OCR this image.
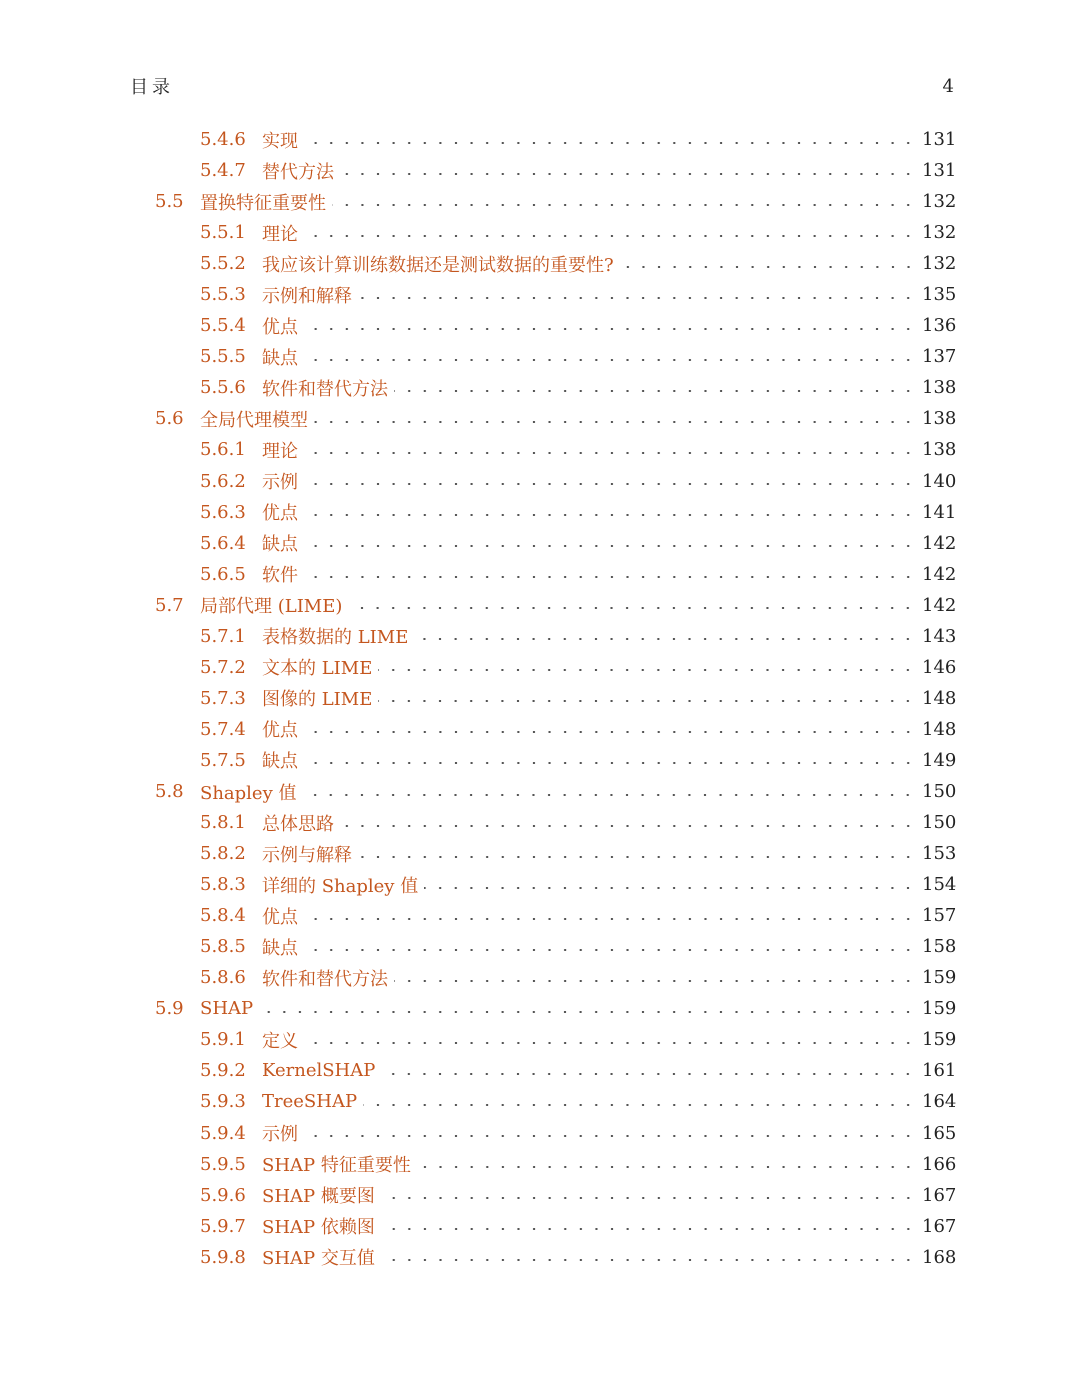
目录	4
5.4.6 实现	131
5.4.7 替代方法	131
5.5 置换特征重要性	132
5.5.1 理论	132
5.5.2 我应该计算训练数据还是测试数据的重要性?	132
5.5.3 示例和解释	135
5.5.4 优点	136
5.5.5 缺点	137
5.5.6 软件和替代方法	138
5.6 全局代理模型	138
5.6.1 理论	138
5.6.2 示例	140
5.6.3 优点	141
5.6.4 缺点	142
5.6.5 软件	142
5.7 局部代理 (LIME)	142
5.7.1 表格数据的 LIME	143
5.7.2 文本的 LIME	146
5.7.3 图像的 LIME	148
5.7.4 优点	148
5.7.5 缺点	149
5.8 Shapley 值	150
5.8.1 总体思路	150
5.8.2 示例与解释	153
5.8.3 详细的 Shapley 值	154
5.8.4 优点	157
5.8.5 缺点	158
5.8.6 软件和替代方法	159
5.9 SHAP	159
5.9.1 定义	159
5.9.2 KernelSHAP	161
5.9.3 TreeSHAP	164
5.9.4 示例	165
5.9.5 SHAP 特征重要性	166
5.9.6 SHAP 概要图	167
5.9.7 SHAP 依赖图	167
5.9.8 SHAP 交互值	168
